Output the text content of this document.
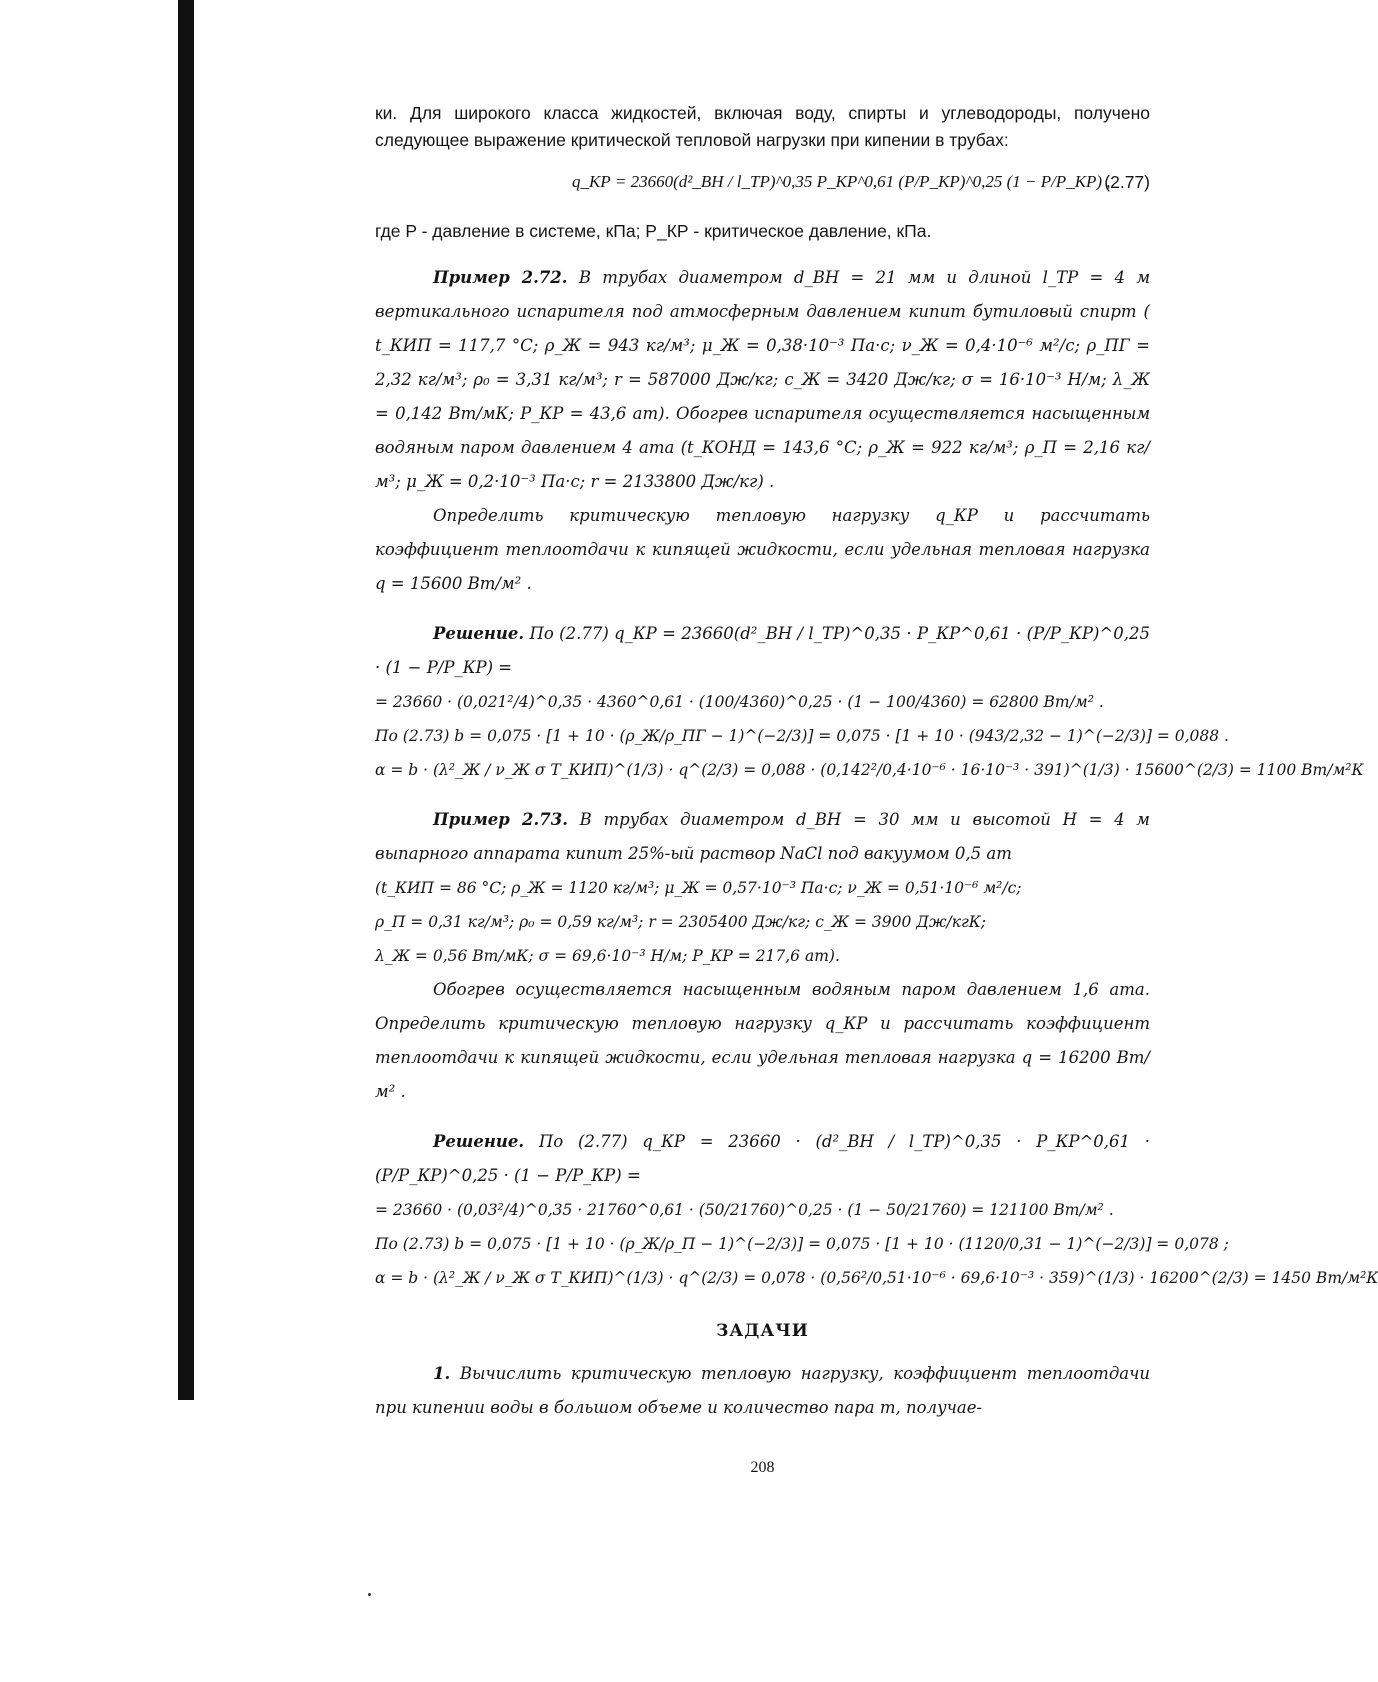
ки. Для широкого класса жидкостей, включая воду, спирты и углеводороды, получено следующее выражение критической тепловой нагрузки при кипении в трубах:

q_КР = 23660(d²_ВН / l_ТР)^0,35 P_КР^0,61 (P/P_КР)^0,25 (1 − P/P_КР) ,
(2.77)

где P - давление в системе, кПа; P_КР - критическое давление, кПа.

Пример 2.72. В трубах диаметром d_ВН = 21 мм и длиной l_ТР = 4 м вертикального испарителя под атмосферным давлением кипит бутиловый спирт ( t_КИП = 117,7 °C; ρ_Ж = 943 кг/м³; μ_Ж = 0,38·10⁻³ Па·с; ν_Ж = 0,4·10⁻⁶ м²/с; ρ_ПГ = 2,32 кг/м³; ρ₀ = 3,31 кг/м³; r = 587000 Дж/кг; c_Ж = 3420 Дж/кг; σ = 16·10⁻³ Н/м; λ_Ж = 0,142 Вт/мК; P_КР = 43,6 ат). Обогрев испарителя осуществляется насыщенным водяным паром давлением 4 ата (t_КОНД = 143,6 °C; ρ_Ж = 922 кг/м³; ρ_П = 2,16 кг/м³; μ_Ж = 0,2·10⁻³ Па·с; r = 2133800 Дж/кг) .

Определить критическую тепловую нагрузку q_КР и рассчитать коэффициент теплоотдачи к кипящей жидкости, если удельная тепловая нагрузка q = 15600 Вт/м² .

Решение. По (2.77) q_КР = 23660(d²_ВН / l_ТР)^0,35 · P_КР^0,61 · (P/P_КР)^0,25 · (1 − P/P_КР) =

= 23660 · (0,021²/4)^0,35 · 4360^0,61 · (100/4360)^0,25 · (1 − 100/4360) = 62800 Вт/м² .

По (2.73) b = 0,075 · [1 + 10 · (ρ_Ж/ρ_ПГ − 1)^(−2/3)] = 0,075 · [1 + 10 · (943/2,32 − 1)^(−2/3)] = 0,088 .

α = b · (λ²_Ж / ν_Ж σ T_КИП)^(1/3) · q^(2/3) = 0,088 · (0,142²/0,4·10⁻⁶ · 16·10⁻³ · 391)^(1/3) · 15600^(2/3) = 1100 Вт/м²К

Пример 2.73. В трубах диаметром d_ВН = 30 мм и высотой H = 4 м выпарного аппарата кипит 25%-ый раствор NaCl под вакуумом 0,5 ат

(t_КИП = 86 °C; ρ_Ж = 1120 кг/м³; μ_Ж = 0,57·10⁻³ Па·с; ν_Ж = 0,51·10⁻⁶ м²/с;

ρ_П = 0,31 кг/м³; ρ₀ = 0,59 кг/м³; r = 2305400 Дж/кг; c_Ж = 3900 Дж/кгК;

λ_Ж = 0,56 Вт/мК; σ = 69,6·10⁻³ Н/м; P_КР = 217,6 ат).

Обогрев осуществляется насыщенным водяным паром давлением 1,6 ата. Определить критическую тепловую нагрузку q_КР и рассчитать коэффициент теплоотдачи к кипящей жидкости, если удельная тепловая нагрузка q = 16200 Вт/м² .

Решение. По (2.77) q_КР = 23660 · (d²_ВН / l_ТР)^0,35 · P_КР^0,61 · (P/P_КР)^0,25 · (1 − P/P_КР) =

= 23660 · (0,03²/4)^0,35 · 21760^0,61 · (50/21760)^0,25 · (1 − 50/21760) = 121100 Вт/м² .

По (2.73) b = 0,075 · [1 + 10 · (ρ_Ж/ρ_П − 1)^(−2/3)] = 0,075 · [1 + 10 · (1120/0,31 − 1)^(−2/3)] = 0,078 ;

α = b · (λ²_Ж / ν_Ж σ T_КИП)^(1/3) · q^(2/3) = 0,078 · (0,56²/0,51·10⁻⁶ · 69,6·10⁻³ · 359)^(1/3) · 16200^(2/3) = 1450 Вт/м²К

ЗАДАЧИ

1. Вычислить критическую тепловую нагрузку, коэффициент теплоотдачи при кипении воды в большом объеме и количество пара m, получае-

208
